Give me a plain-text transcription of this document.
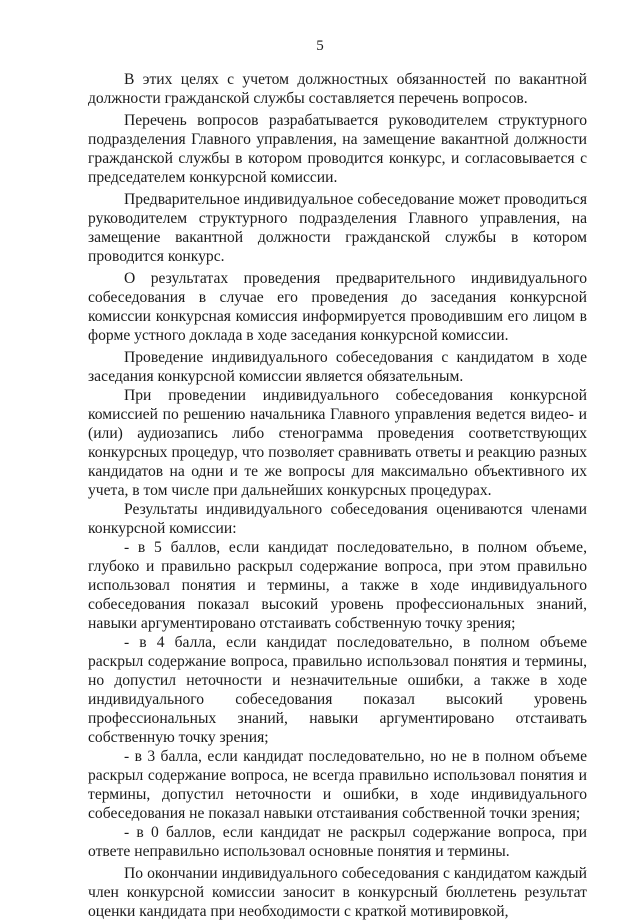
5

В этих целях с учетом должностных обязанностей по вакантной должности гражданской службы составляется перечень вопросов.

Перечень вопросов разрабатывается руководителем структурного подразделения Главного управления, на замещение вакантной должности гражданской службы в котором проводится конкурс, и согласовывается с председателем конкурсной комиссии.

Предварительное индивидуальное собеседование может проводиться руководителем структурного подразделения Главного управления, на замещение вакантной должности гражданской службы в котором проводится конкурс.

О результатах проведения предварительного индивидуального собеседования в случае его проведения до заседания конкурсной комиссии конкурсная комиссия информируется проводившим его лицом в форме устного доклада в ходе заседания конкурсной комиссии.

Проведение индивидуального собеседования с кандидатом в ходе заседания конкурсной комиссии является обязательным.

При проведении индивидуального собеседования конкурсной комиссией по решению начальника Главного управления ведется видео- и (или) аудиозапись либо стенограмма проведения соответствующих конкурсных процедур, что позволяет сравнивать ответы и реакцию разных кандидатов на одни и те же вопросы для максимально объективного их учета, в том числе при дальнейших конкурсных процедурах.

Результаты индивидуального собеседования оцениваются членами конкурсной комиссии:

- в 5 баллов, если кандидат последовательно, в полном объеме, глубоко и правильно раскрыл содержание вопроса, при этом правильно использовал понятия и термины, а также в ходе индивидуального собеседования показал высокий уровень профессиональных знаний, навыки аргументировано отстаивать собственную точку зрения;

- в 4 балла, если кандидат последовательно, в полном объеме раскрыл содержание вопроса, правильно использовал понятия и термины, но допустил неточности и незначительные ошибки, а также в ходе индивидуального собеседования показал высокий уровень профессиональных знаний, навыки аргументировано отстаивать собственную точку зрения;

- в 3 балла, если кандидат последовательно, но не в полном объеме раскрыл содержание вопроса, не всегда правильно использовал понятия и термины, допустил неточности и ошибки, в ходе индивидуального собеседования не показал навыки отстаивания собственной точки зрения;

- в 0 баллов, если кандидат не раскрыл содержание вопроса, при ответе неправильно использовал основные понятия и термины.

По окончании индивидуального собеседования с кандидатом каждый член конкурсной комиссии заносит в конкурсный бюллетень результат оценки кандидата при необходимости с краткой мотивировкой,
